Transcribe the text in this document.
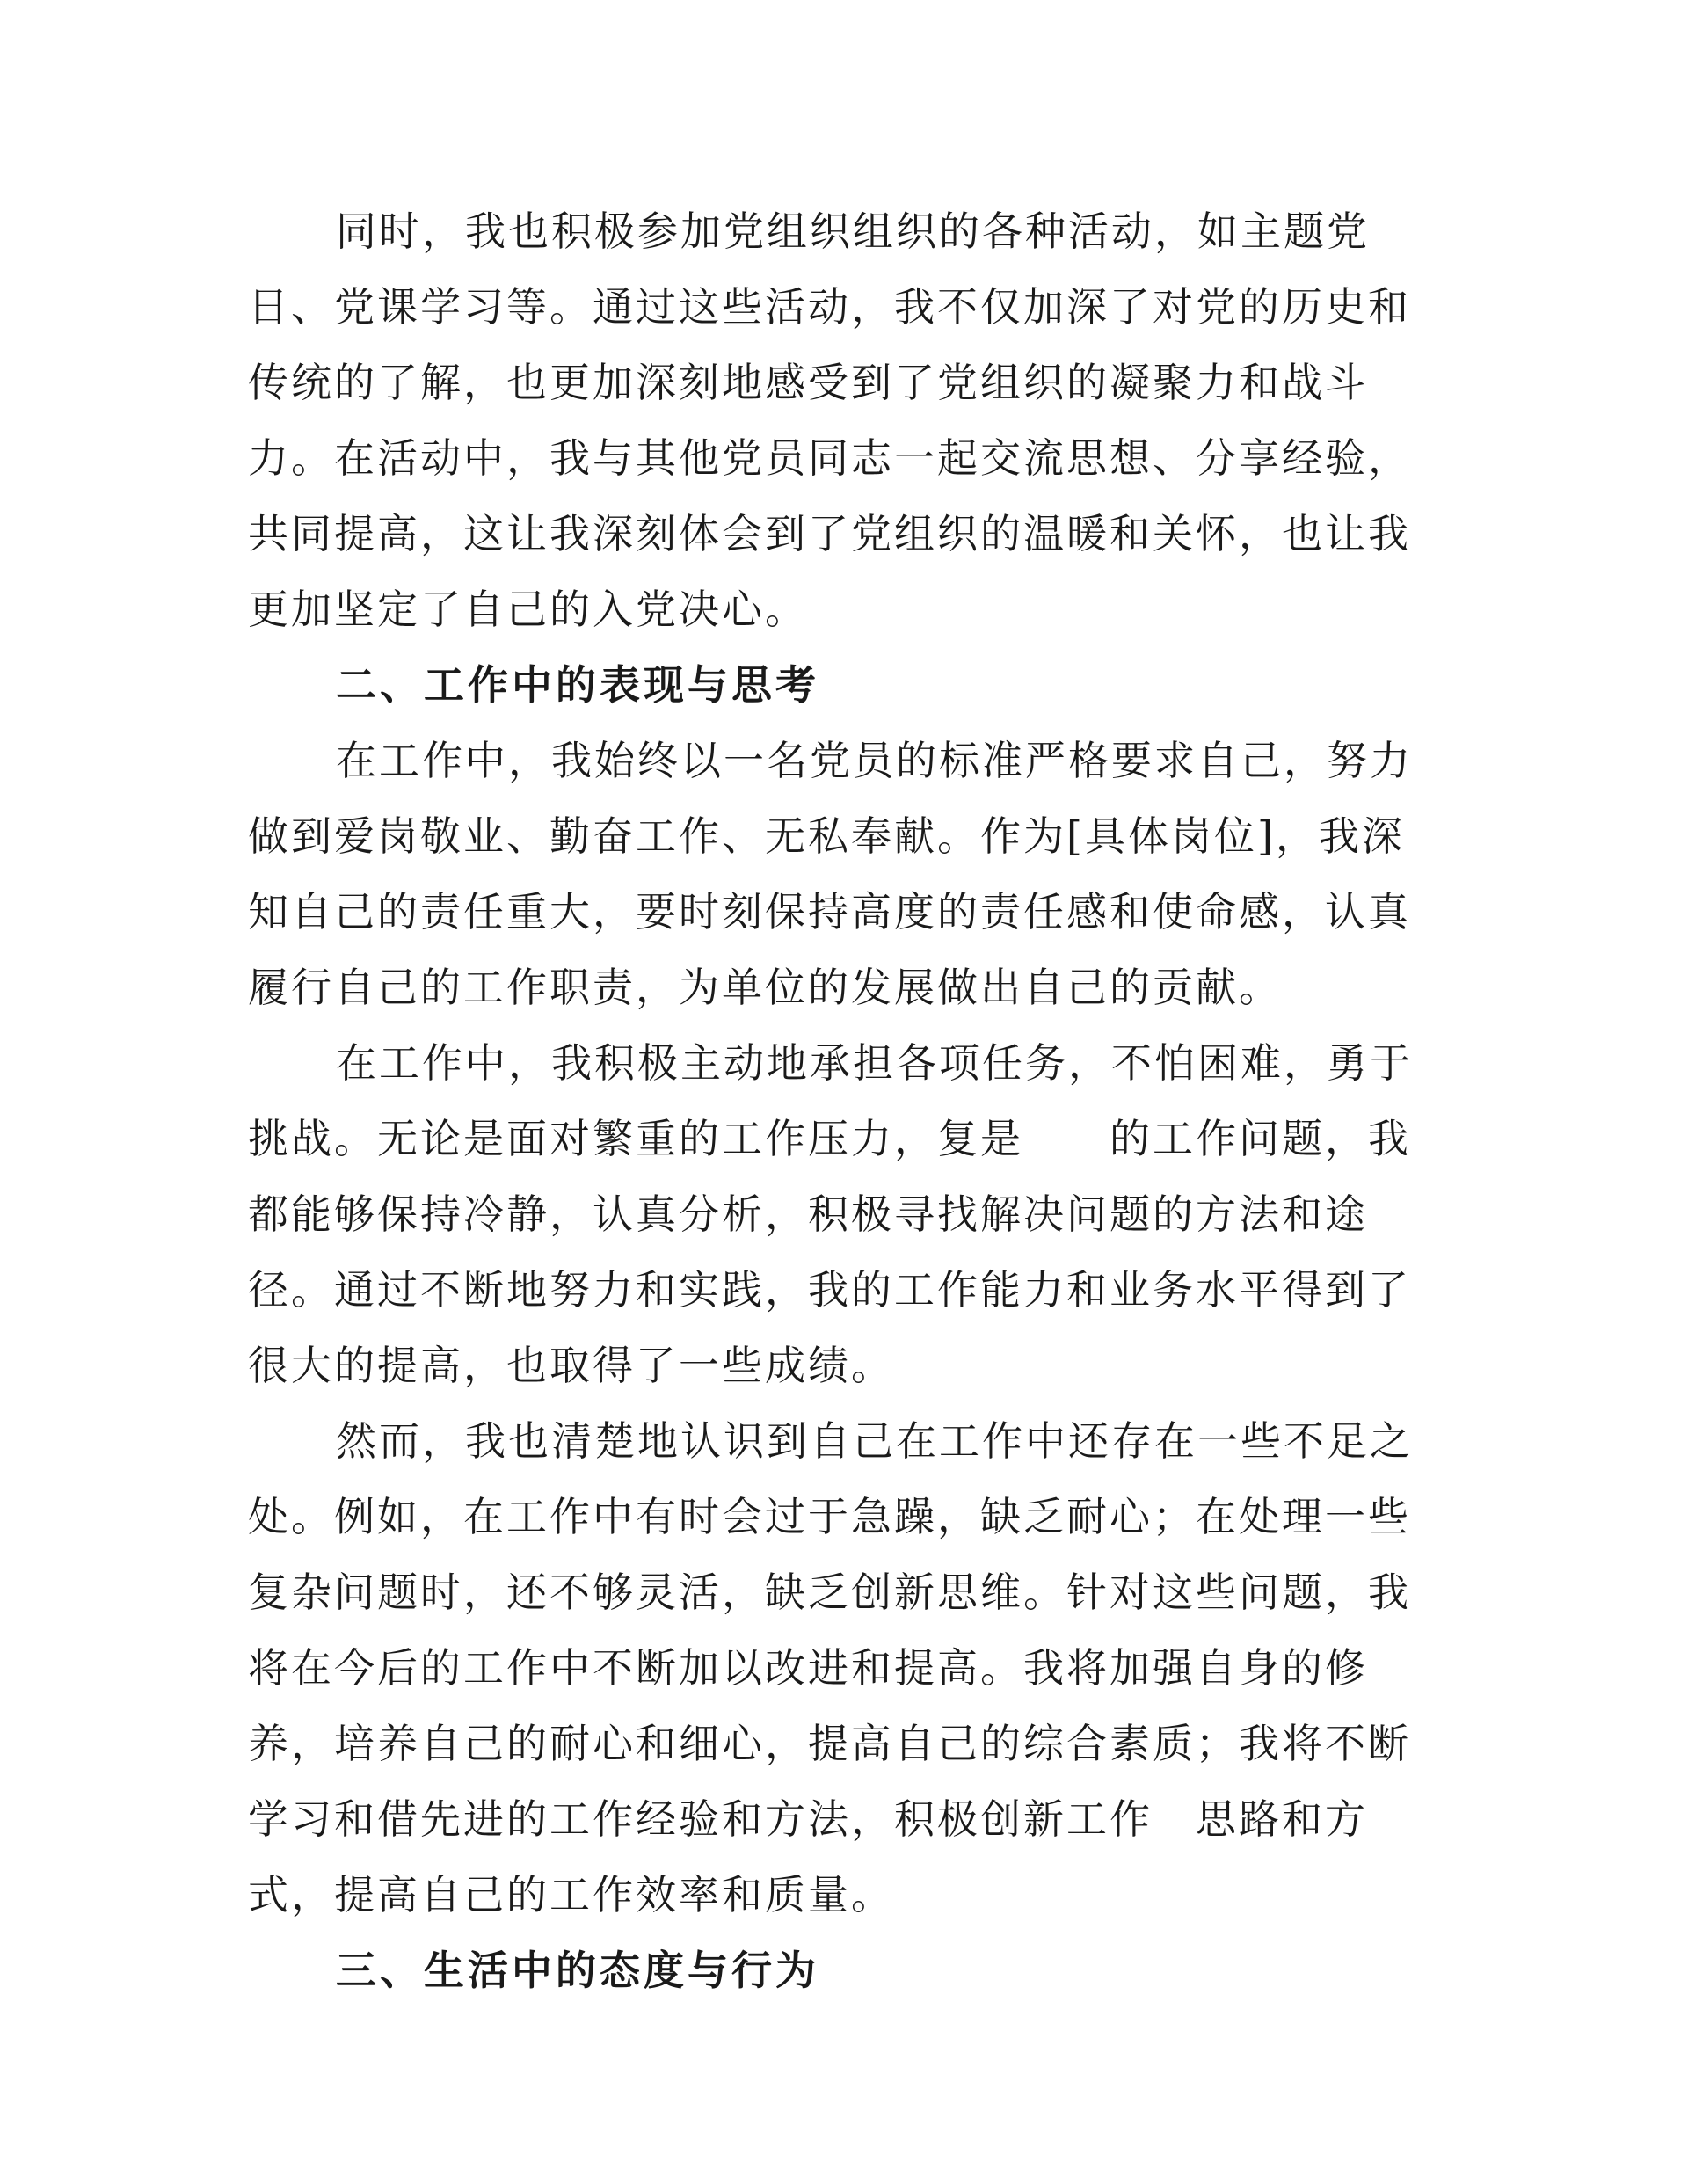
同时，我也积极参加党组织组织的各种活动，如主题党
日、党课学习等。通过这些活动，我不仅加深了对党的历史和
传统的了解，也更加深刻地感受到了党组织的凝聚力和战斗
力。在活动中，我与其他党员同志一起交流思想、分享经验，
共同提高，这让我深刻体会到了党组织的温暖和关怀，也让我
更加坚定了自己的入党决心。
二、工作中的表现与思考
在工作中，我始终以一名党员的标准严格要求自己，努力
做到爱岗敬业、勤奋工作、无私奉献。作为[具体岗位]，我深
知自己的责任重大，要时刻保持高度的责任感和使命感，认真
履行自己的工作职责，为单位的发展做出自己的贡献。
在工作中，我积极主动地承担各项任务，不怕困难，勇于
挑战。无论是面对繁重的工作压力，复是　　的工作问题，我
都能够保持冷静，认真分析，积极寻找解决问题的方法和途
径。通过不断地努力和实践，我的工作能力和业务水平得到了
很大的提高，也取得了一些成绩。
然而，我也清楚地认识到自己在工作中还存在一些不足之
处。例如，在工作中有时会过于急躁，缺乏耐心；在处理一些
复杂问题时，还不够灵活，缺乏创新思维。针对这些问题，我
将在今后的工作中不断加以改进和提高。我将加强自身的修
养，培养自己的耐心和细心，提高自己的综合素质；我将不断
学习和借先进的工作经验和方法，积极创新工作　思路和方
式，提高自己的工作效率和质量。
三、生活中的态度与行为
